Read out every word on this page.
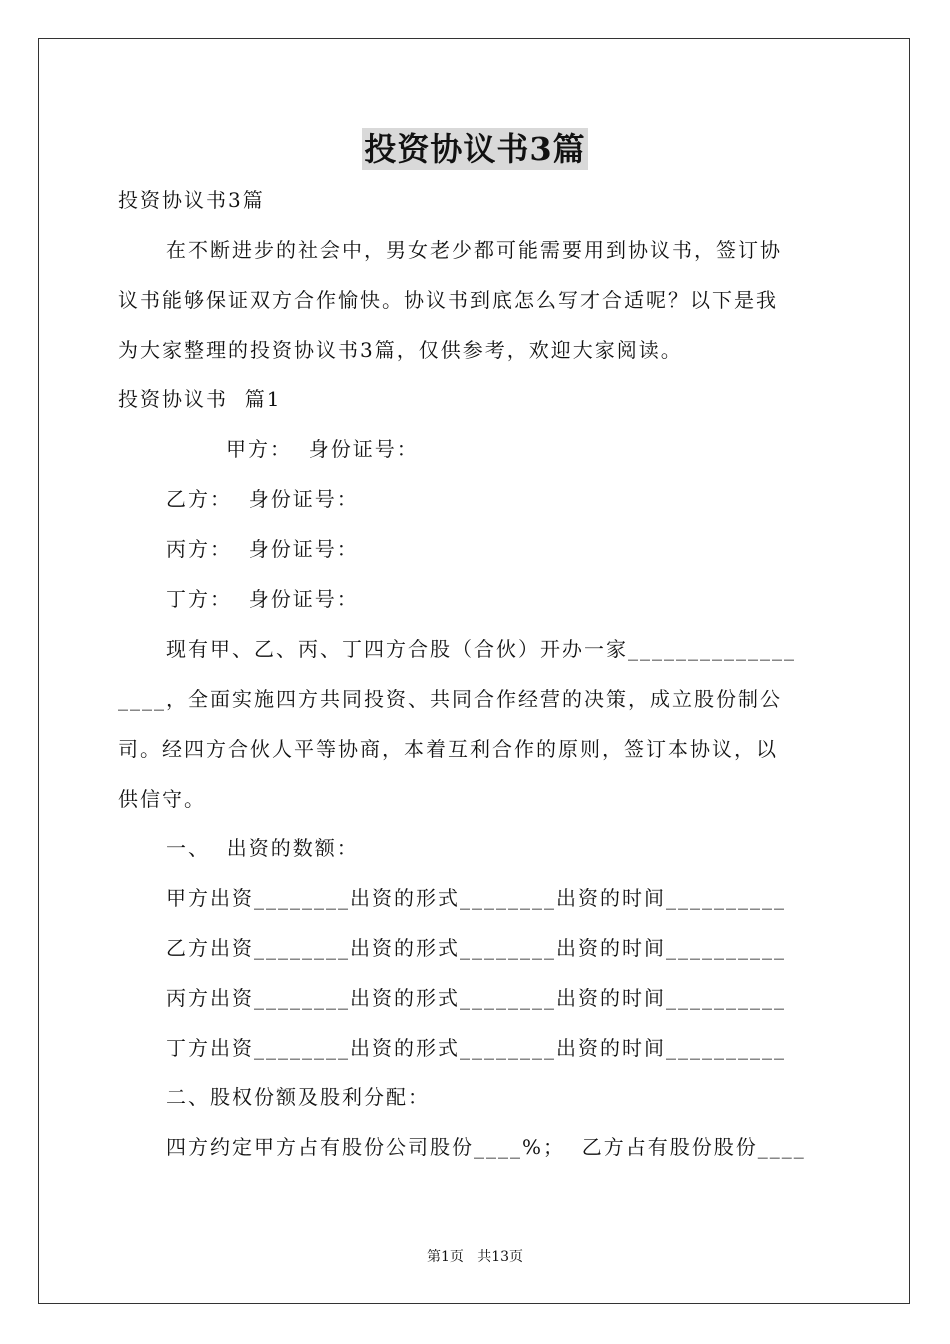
投资协议书3篇
投资协议书3篇
在不断进步的社会中，男女老少都可能需要用到协议书，签订协
议书能够保证双方合作愉快。协议书到底怎么写才合适呢？以下是我
为大家整理的投资协议书3篇，仅供参考，欢迎大家阅读。
投资协议书  篇1
甲方：  身份证号：
乙方：  身份证号：
丙方：  身份证号：
丁方：  身份证号：
现有甲、乙、丙、丁四方合股（合伙）开办一家______________
____，全面实施四方共同投资、共同合作经营的决策，成立股份制公
司。经四方合伙人平等协商，本着互利合作的原则，签订本协议，以
供信守。
一、  出资的数额：
甲方出资________出资的形式________出资的时间__________
乙方出资________出资的形式________出资的时间__________
丙方出资________出资的形式________出资的时间__________
丁方出资________出资的形式________出资的时间__________
二、股权份额及股利分配：
四方约定甲方占有股份公司股份____%；  乙方占有股份股份____
第1页   共13页
